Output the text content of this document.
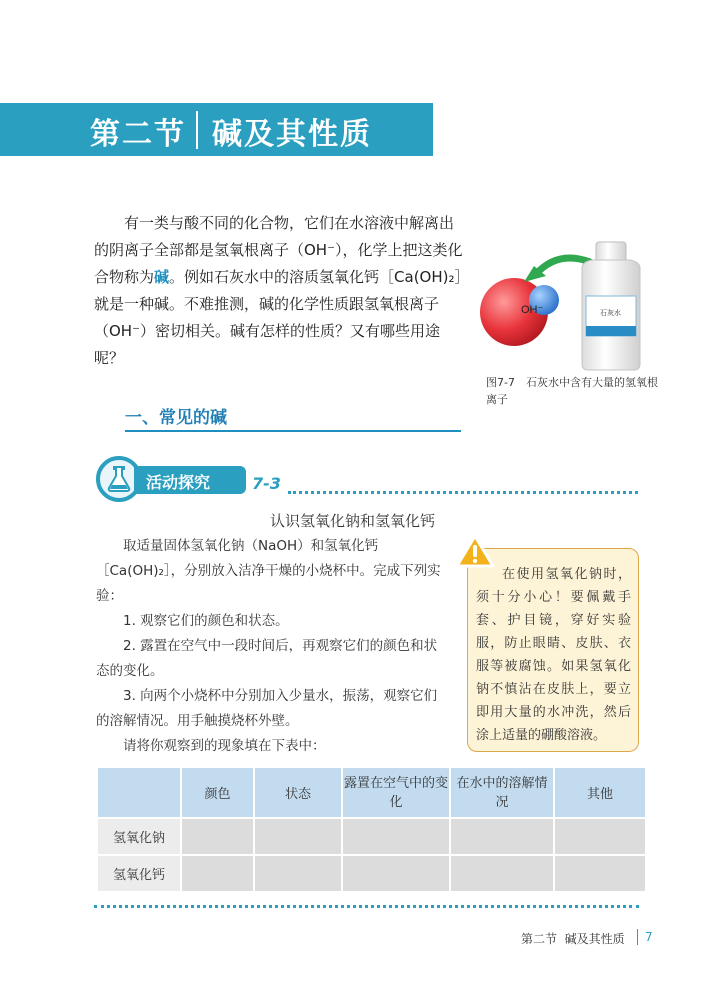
第二节 碱及其性质

有一类与酸不同的化合物，它们在水溶液中解离出的阴离子全部都是氢氧根离子（OH⁻），化学上把这类化合物称为碱。例如石灰水中的溶质氢氧化钙［Ca(OH)₂］就是一种碱。不难推测，碱的化学性质跟氢氧根离子（OH⁻）密切相关。碱有怎样的性质？又有哪些用途呢？

OH⁻	石灰水
图7-7　石灰水中含有大量的氢氧根离子
一、常见的碱
活动探究	7-3
认识氢氧化钠和氢氧化钙

取适量固体氢氧化钠（NaOH）和氢氧化钙［Ca(OH)₂］，分别放入洁净干燥的小烧杯中。完成下列实验：

1. 观察它们的颜色和状态。

2. 露置在空气中一段时间后，再观察它们的颜色和状态的变化。

3. 向两个小烧杯中分别加入少量水，振荡，观察它们的溶解情况。用手触摸烧杯外壁。

请将你观察到的现象填在下表中：

在使用氢氧化钠时，须十分小心！要佩戴手套、护目镜，穿好实验服，防止眼睛、皮肤、衣服等被腐蚀。如果氢氧化钠不慎沾在皮肤上，要立即用大量的水冲洗，然后涂上适量的硼酸溶液。

	颜色	状态	露置在空气中的变化	在水中的溶解情况	其他
氢氧化钠					
氢氧化钙					
第二节 碱及其性质 7
